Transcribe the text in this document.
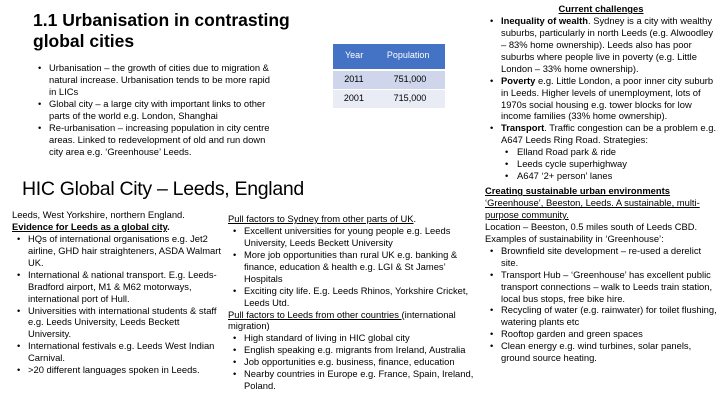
1.1 Urbanisation in contrasting global cities
• Urbanisation – the growth of cities due to migration & natural increase. Urbanisation tends to be more rapid in LICs
• Global city – a large city with important links to other parts of the world e.g. London, Shanghai
• Re-urbanisation – increasing population in city centre areas. Linked to redevelopment of old and run down city area e.g. ‘Greenhouse’ Leeds.
Year	Population
2011	751,000
2001	715,000
HIC Global City – Leeds, England
Leeds, West Yorkshire, northern England.
Evidence for Leeds as a global city.
• HQs of international organisations e.g. Jet2 airline, GHD hair straighteners, ASDA Walmart UK.
• International & national transport. E.g. Leeds-Bradford airport, M1 & M62 motorways, international port of Hull.
• Universities with international students & staff e.g. Leeds University, Leeds Beckett University.
• International festivals e.g. Leeds West Indian Carnival.
• >20 different languages spoken in Leeds.
Pull factors to Sydney from other parts of UK.
• Excellent universities for young people e.g. Leeds University, Leeds Beckett University
• More job opportunities than rural UK e.g. banking & finance, education & health e.g. LGI & St James’ Hospitals
• Exciting city life. E.g. Leeds Rhinos, Yorkshire Cricket, Leeds Utd.
Pull factors to Leeds from other countries (international migration)
• High standard of living in HIC global city
• English speaking e.g. migrants from Ireland, Australia
• Job opportunities e.g. business, finance, education
• Nearby countries in Europe e.g. France, Spain, Ireland, Poland.
Current challenges
• Inequality of wealth. Sydney is a city with wealthy suburbs, particularly in north Leeds (e.g. Alwoodley – 83% home ownership). Leeds also has poor suburbs where people live in poverty (e.g. Little London – 33% home ownership).
• Poverty e.g. Little London, a poor inner city suburb in Leeds. Higher levels of unemployment, lots of 1970s social housing e.g. tower blocks for low income families (33% home ownership).
• Transport. Traffic congestion can be a problem e.g. A647 Leeds Ring Road. Strategies:
• Elland Road park & ride
• Leeds cycle superhighway
• A647 ‘2+ person’ lanes
Creating sustainable urban environments
‘Greenhouse’, Beeston, Leeds. A sustainable, multi-purpose community.
Location – Beeston, 0.5 miles south of Leeds CBD.
Examples of sustainability in ‘Greenhouse’:
• Brownfield site development – re-used a derelict site.
• Transport Hub – ‘Greenhouse’ has excellent public transport connections – walk to Leeds train station, local bus stops, free bike hire.
• Recycling of water (e.g. rainwater) for toilet flushing, watering plants etc
• Rooftop garden and green spaces
• Clean energy e.g. wind turbines, solar panels, ground source heating.
